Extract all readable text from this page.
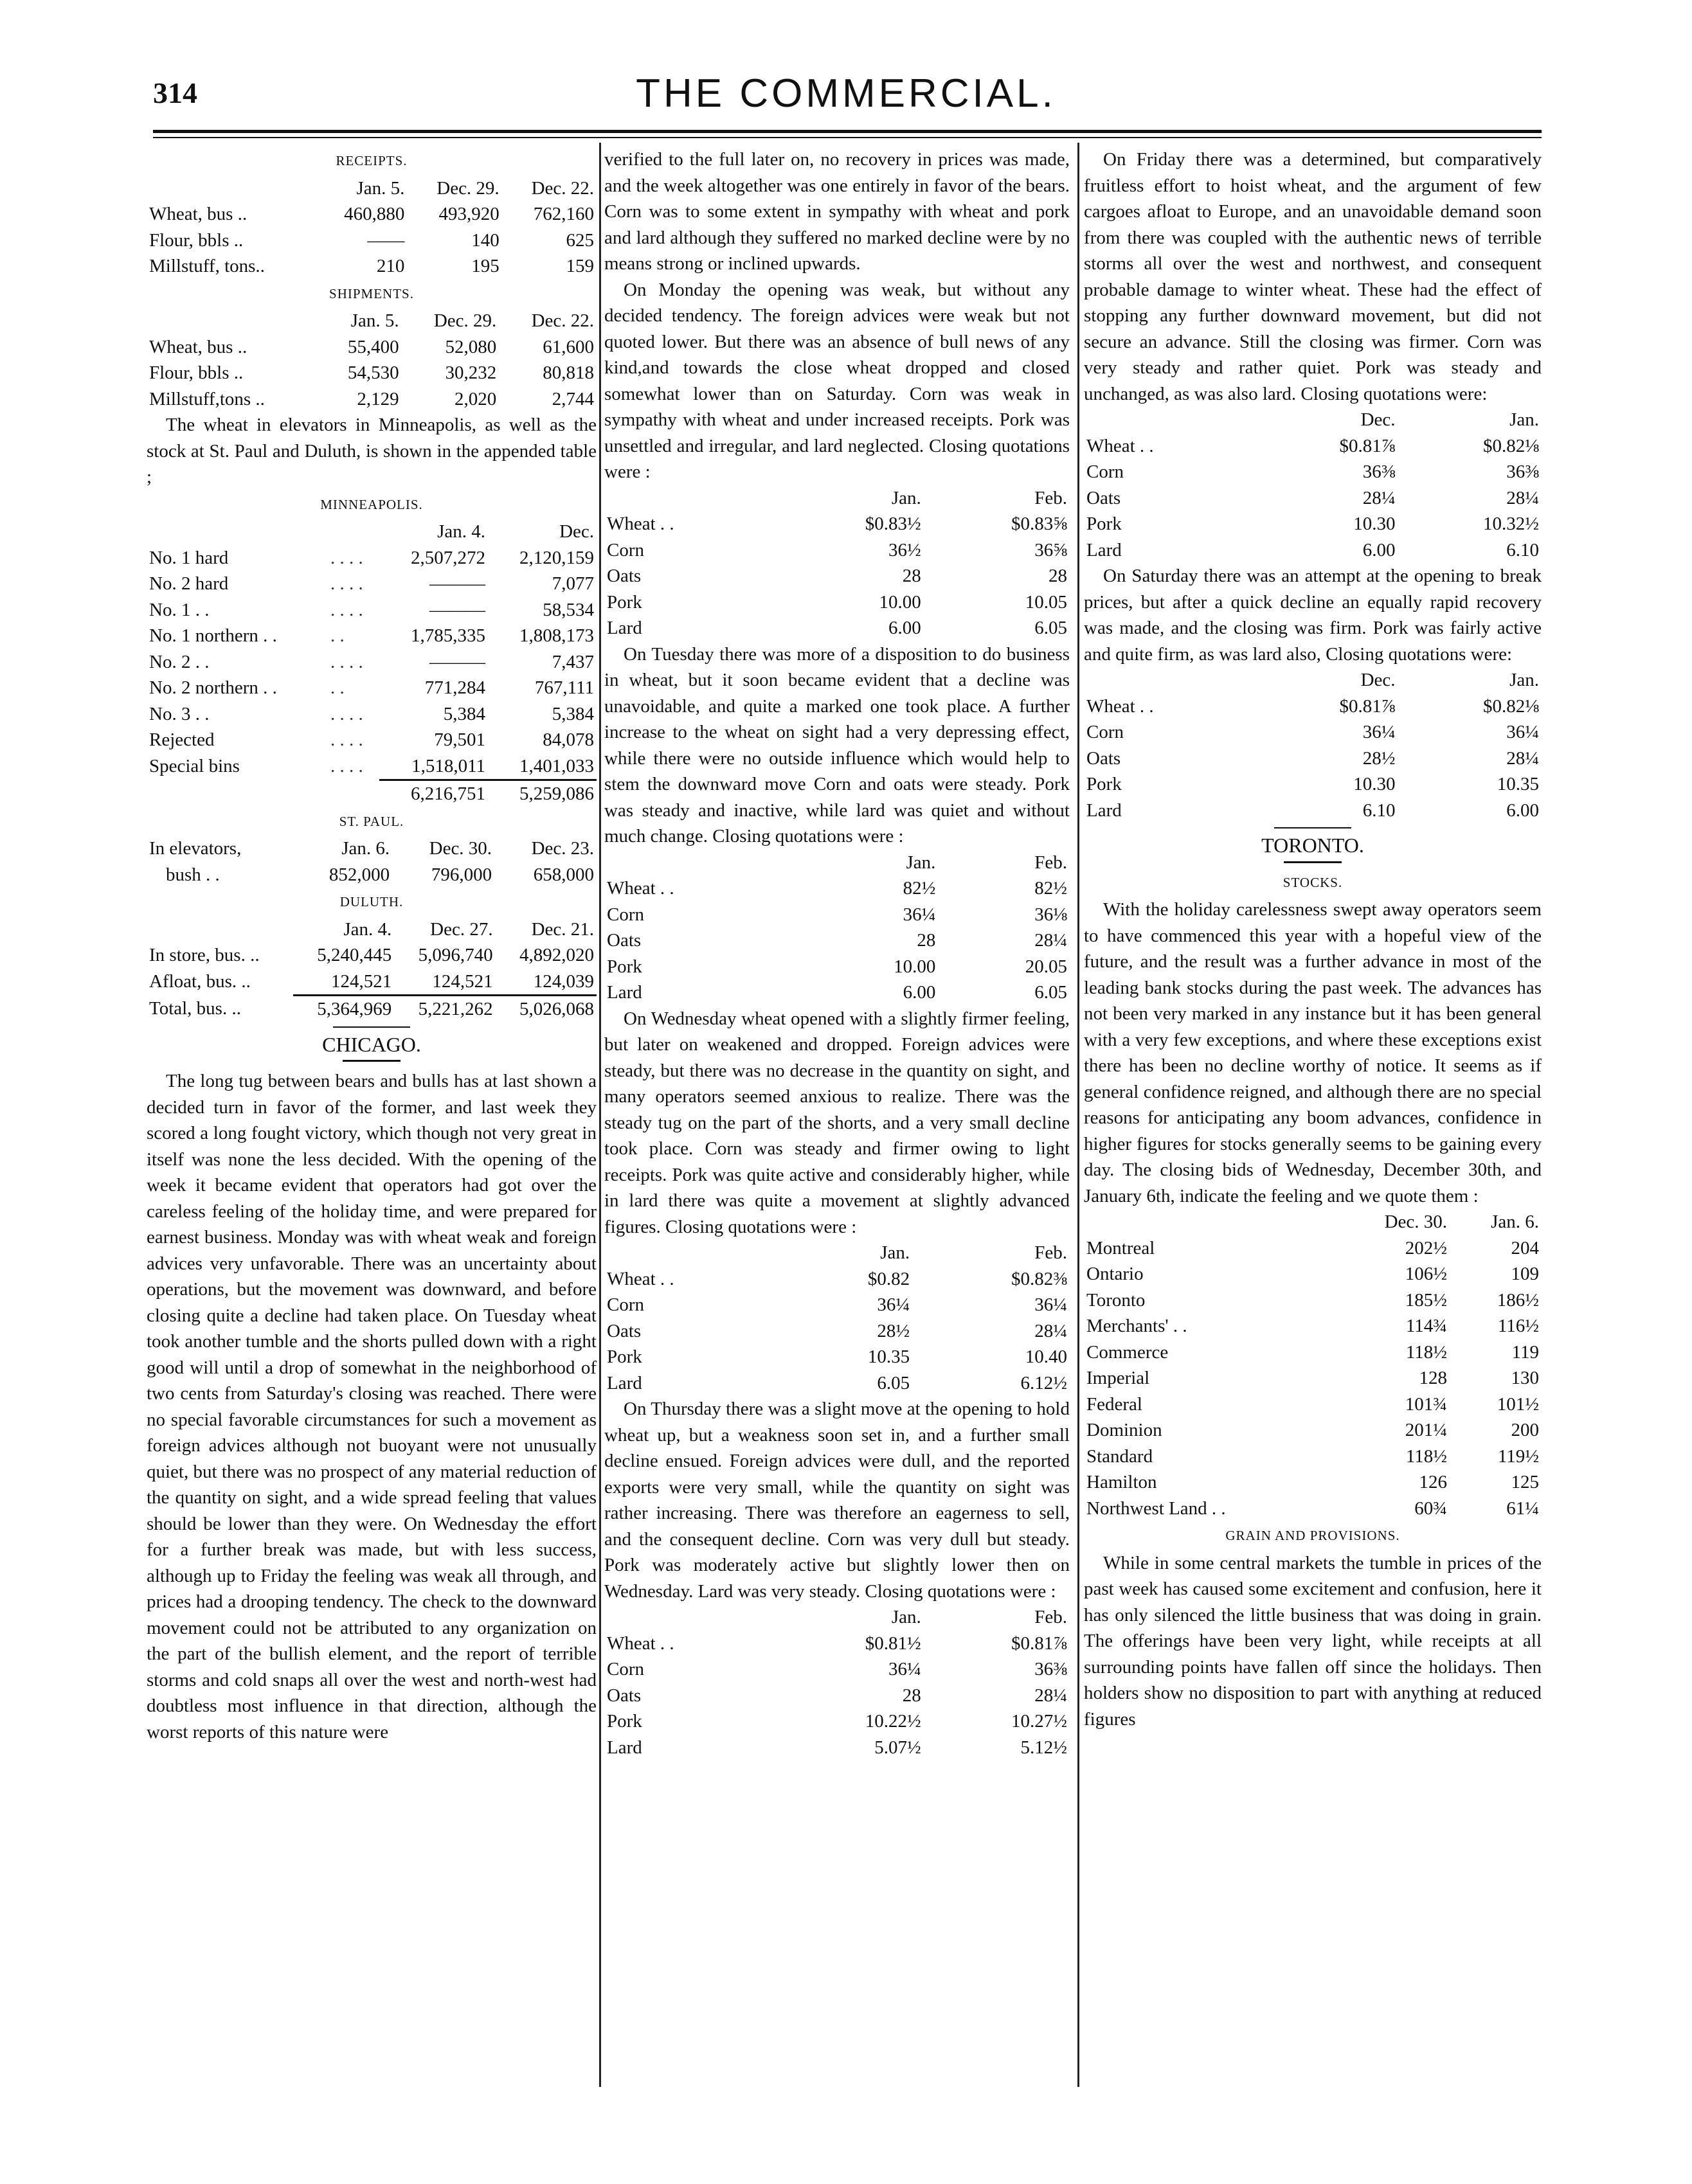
314	THE COMMERCIAL.
RECEIPTS.
	Jan. 5.	Dec. 29.	Dec. 22.
Wheat, bus ..	460,880	493,920	762,160
Flour, bbls ..	——	140	625
Millstuff, tons..	210	195	159
SHIPMENTS.
	Jan. 5.	Dec. 29.	Dec. 22.
Wheat, bus ..	55,400	52,080	61,600
Flour, bbls ..	54,530	30,232	80,818
Millstuff,tons ..	2,129	2,020	2,744

The wheat in elevators in Minneapolis, as well as the stock at St. Paul and Duluth, is shown in the appended table ;

MINNEAPOLIS.
		Jan. 4.	Dec.
No. 1 hard	. . . .	2,507,272	2,120,159
No. 2 hard	. . . .	———	7,077
No. 1 . .	. . . .	———	58,534
No. 1 northern . .	. .	1,785,335	1,808,173
No. 2 . .	. . . .	———	7,437
No. 2 northern . .	. .	771,284	767,111
No. 3 . .	. . . .	5,384	5,384
Rejected	. . . .	79,501	84,078
Special bins	. . . .	1,518,011	1,401,033
		6,216,751	5,259,086
ST. PAUL.
In elevators,	Jan. 6.	Dec. 30.	Dec. 23.
bush . .	852,000	796,000	658,000
DULUTH.
	Jan. 4.	Dec. 27.	Dec. 21.
In store, bus. ..	5,240,445	5,096,740	4,892,020
Afloat, bus. ..	124,521	124,521	124,039
Total, bus. ..	5,364,969	5,221,262	5,026,068
CHICAGO.

The long tug between bears and bulls has at last shown a decided turn in favor of the former, and last week they scored a long fought victory, which though not very great in itself was none the less decided. With the opening of the week it became evident that operators had got over the careless feeling of the holiday time, and were prepared for earnest business. Monday was with wheat weak and foreign advices very unfavorable. There was an uncertainty about operations, but the movement was downward, and before closing quite a decline had taken place. On Tuesday wheat took another tumble and the shorts pulled down with a right good will until a drop of somewhat in the neighborhood of two cents from Saturday's closing was reached. There were no special favorable circumstances for such a movement as foreign advices although not buoyant were not unusually quiet, but there was no prospect of any material reduction of the quantity on sight, and a wide spread feeling that values should be lower than they were. On Wednesday the effort for a further break was made, but with less success, although up to Friday the feeling was weak all through, and prices had a drooping tendency. The check to the downward movement could not be attributed to any organization on the part of the bullish element, and the report of terrible storms and cold snaps all over the west and north-west had doubtless most influence in that direction, although the worst reports of this nature were

verified to the full later on, no recovery in prices was made, and the week altogether was one entirely in favor of the bears. Corn was to some extent in sympathy with wheat and pork and lard although they suffered no marked decline were by no means strong or inclined upwards.

On Monday the opening was weak, but without any decided tendency. The foreign advices were weak but not quoted lower. But there was an absence of bull news of any kind,and towards the close wheat dropped and closed somewhat lower than on Saturday. Corn was weak in sympathy with wheat and under increased receipts. Pork was unsettled and irregular, and lard neglected. Closing quotations were :

	Jan.	Feb.
Wheat . .	$0.83½	$0.83⅝
Corn	36½	36⅝
Oats	28	28
Pork	10.00	10.05
Lard	6.00	6.05

On Tuesday there was more of a disposition to do business in wheat, but it soon became evident that a decline was unavoidable, and quite a marked one took place. A further increase to the wheat on sight had a very depressing effect, while there were no outside influence which would help to stem the downward move Corn and oats were steady. Pork was steady and inactive, while lard was quiet and without much change. Closing quotations were :

	Jan.	Feb.
Wheat . .	82½	82½
Corn	36¼	36⅛
Oats	28	28¼
Pork	10.00	20.05
Lard	6.00	6.05

On Wednesday wheat opened with a slightly firmer feeling, but later on weakened and dropped. Foreign advices were steady, but there was no decrease in the quantity on sight, and many operators seemed anxious to realize. There was the steady tug on the part of the shorts, and a very small decline took place. Corn was steady and firmer owing to light receipts. Pork was quite active and considerably higher, while in lard there was quite a movement at slightly advanced figures. Closing quotations were :

	Jan.	Feb.
Wheat . .	$0.82	$0.82⅜
Corn	36¼	36¼
Oats	28½	28¼
Pork	10.35	10.40
Lard	6.05	6.12½

On Thursday there was a slight move at the opening to hold wheat up, but a weakness soon set in, and a further small decline ensued. Foreign advices were dull, and the reported exports were very small, while the quantity on sight was rather increasing. There was therefore an eagerness to sell, and the consequent decline. Corn was very dull but steady. Pork was moderately active but slightly lower then on Wednesday. Lard was very steady. Closing quotations were :

	Jan.	Feb.
Wheat . .	$0.81½	$0.81⅞
Corn	36¼	36⅜
Oats	28	28¼
Pork	10.22½	10.27½
Lard	5.07½	5.12½

On Friday there was a determined, but comparatively fruitless effort to hoist wheat, and the argument of few cargoes afloat to Europe, and an unavoidable demand soon from there was coupled with the authentic news of terrible storms all over the west and northwest, and consequent probable damage to winter wheat. These had the effect of stopping any further downward movement, but did not secure an advance. Still the closing was firmer. Corn was very steady and rather quiet. Pork was steady and unchanged, as was also lard. Closing quotations were:

	Dec.	Jan.
Wheat . .	$0.81⅞	$0.82⅛
Corn	36⅜	36⅜
Oats	28¼	28¼
Pork	10.30	10.32½
Lard	6.00	6.10

On Saturday there was an attempt at the opening to break prices, but after a quick decline an equally rapid recovery was made, and the closing was firm. Pork was fairly active and quite firm, as was lard also, Closing quotations were:

	Dec.	Jan.
Wheat . .	$0.81⅞	$0.82⅛
Corn	36¼	36¼
Oats	28½	28¼
Pork	10.30	10.35
Lard	6.10	6.00
TORONTO.
STOCKS.

With the holiday carelessness swept away operators seem to have commenced this year with a hopeful view of the future, and the result was a further advance in most of the leading bank stocks during the past week. The advances has not been very marked in any instance but it has been general with a very few exceptions, and where these exceptions exist there has been no decline worthy of notice. It seems as if general confidence reigned, and although there are no special reasons for anticipating any boom advances, confidence in higher figures for stocks generally seems to be gaining every day. The closing bids of Wednesday, December 30th, and January 6th, indicate the feeling and we quote them :

	Dec. 30.	Jan. 6.
Montreal	202½	204
Ontario	106½	109
Toronto	185½	186½
Merchants' . .	114¾	116½
Commerce	118½	119
Imperial	128	130
Federal	101¾	101½
Dominion	201¼	200
Standard	118½	119½
Hamilton	126	125
Northwest Land . .	60¾	61¼
GRAIN AND PROVISIONS.

While in some central markets the tumble in prices of the past week has caused some excitement and confusion, here it has only silenced the little business that was doing in grain. The offerings have been very light, while receipts at all surrounding points have fallen off since the holidays. Then holders show no disposition to part with anything at reduced figures
